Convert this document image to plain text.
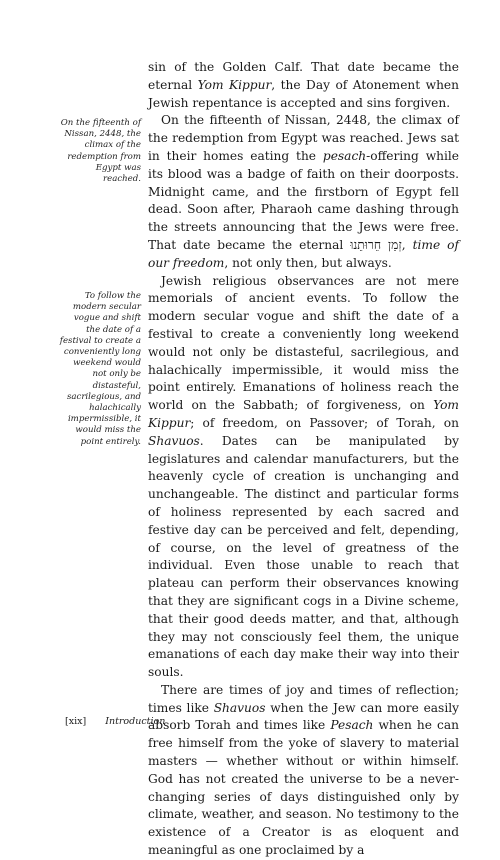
sin of the Golden Calf. That date became the eternal Yom Kippur, the Day of Atonement when Jewish repentance is accepted and sins forgiven.

On the fifteenth of Nissan, 2448, the climax of the redemption from Egypt was reached. Jews sat in their homes eating the pesach-offering while its blood was a badge of faith on their doorposts. Midnight came, and the firstborn of Egypt fell dead. Soon after, Pharaoh came dashing through the streets announcing that the Jews were free. That date became the eternal זְמַן חֵרוּתֵנוּ, time of our freedom, not only then, but always.

Jewish religious observances are not mere memorials of ancient events. To follow the modern secular vogue and shift the date of a festival to create a conveniently long weekend would not only be distasteful, sacrilegious, and halachically impermissible, it would miss the point entirely. Emanations of holiness reach the world on the Sabbath; of forgiveness, on Yom Kippur; of freedom, on Passover; of Torah, on Shavuos. Dates can be manipulated by legislatures and calendar manufacturers, but the heavenly cycle of creation is unchanging and unchangeable. The distinct and particular forms of holiness represented by each sacred and festive day can be perceived and felt, depending, of course, on the level of greatness of the individual. Even those unable to reach that plateau can perform their observances knowing that they are significant cogs in a Divine scheme, that their good deeds matter, and that, although they may not consciously feel them, the unique emanations of each day make their way into their souls.

There are times of joy and times of reflection; times like Shavuos when the Jew can more easily absorb Torah and times like Pesach when he can free himself from the yoke of slavery to material masters — whether without or within himself. God has not created the universe to be a never-changing series of days distinguished only by climate, weather, and season. No testimony to the existence of a Creator is as eloquent and meaningful as one proclaimed by a

On the fifteenth of Nissan, 2448, the climax of the redemption from Egypt was reached.
To follow the modern secular vogue and shift the date of a festival to create a conveniently long weekend would not only be distasteful, sacrilegious, and halachically impermissible, it would miss the point entirely.
[xix] Introduction
